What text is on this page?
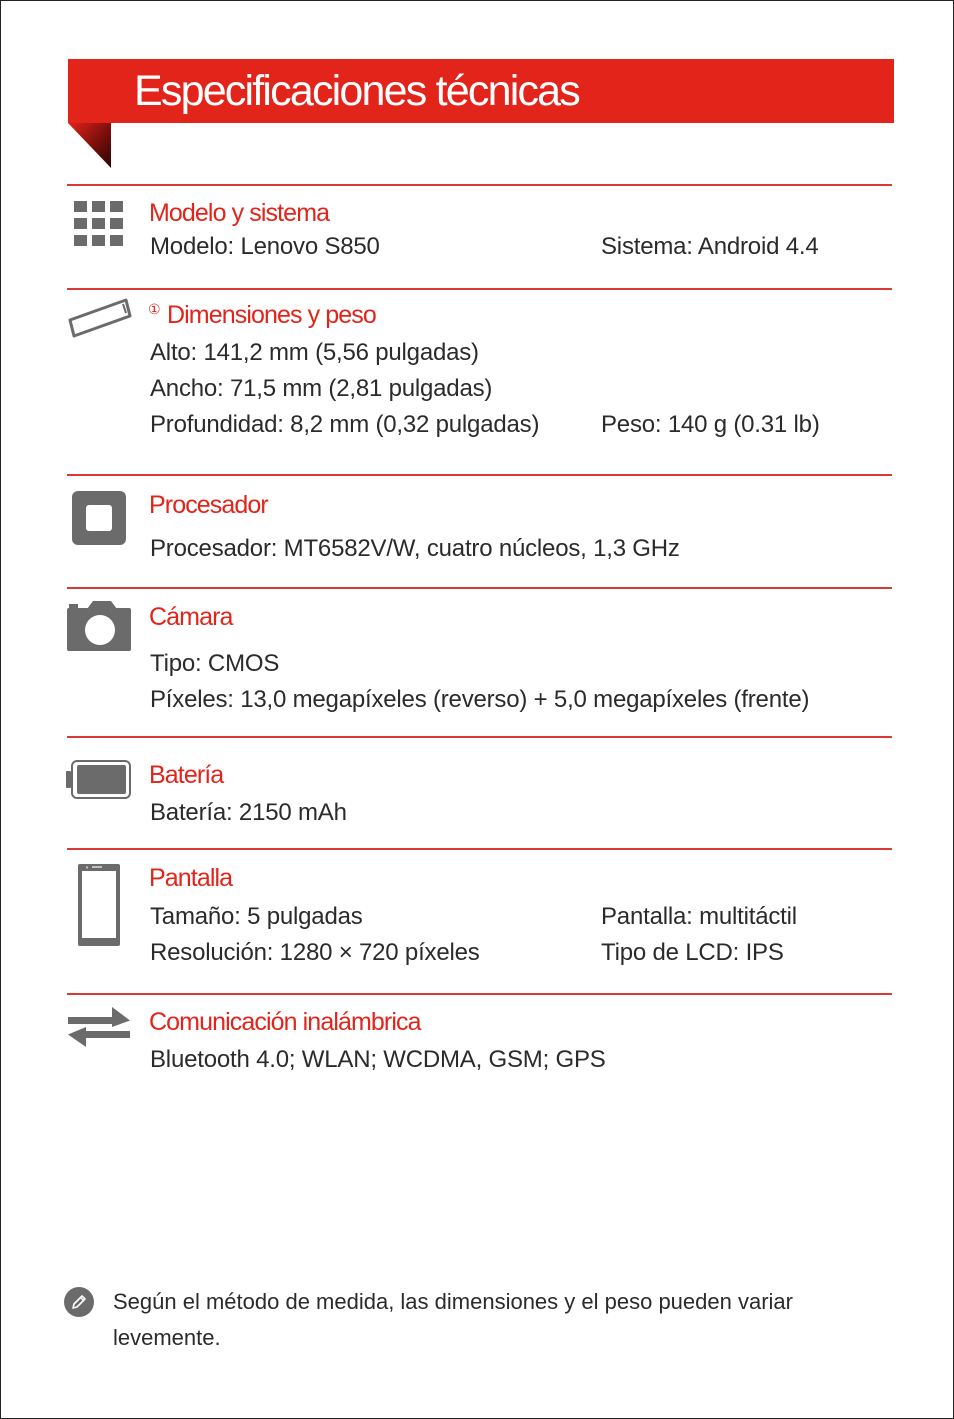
Especificaciones técnicas
Modelo y sistema
Modelo: Lenovo S850	Sistema: Android 4.4
① Dimensiones y peso
Alto: 141,2 mm (5,56 pulgadas)
Ancho: 71,5 mm (2,81 pulgadas)
Profundidad: 8,2 mm (0,32 pulgadas)	Peso: 140 g (0.31 lb)
Procesador
Procesador: MT6582V/W, cuatro núcleos, 1,3 GHz
Cámara
Tipo: CMOS
Píxeles: 13,0 megapíxeles (reverso) + 5,0 megapíxeles (frente)
Batería
Batería: 2150 mAh
Pantalla
Tamaño: 5 pulgadas
Resolución: 1280 × 720 píxeles
Pantalla: multitáctil
Tipo de LCD: IPS
Comunicación inalámbrica
Bluetooth 4.0; WLAN; WCDMA, GSM; GPS
Según el método de medida, las dimensiones y el peso pueden variar levemente.
